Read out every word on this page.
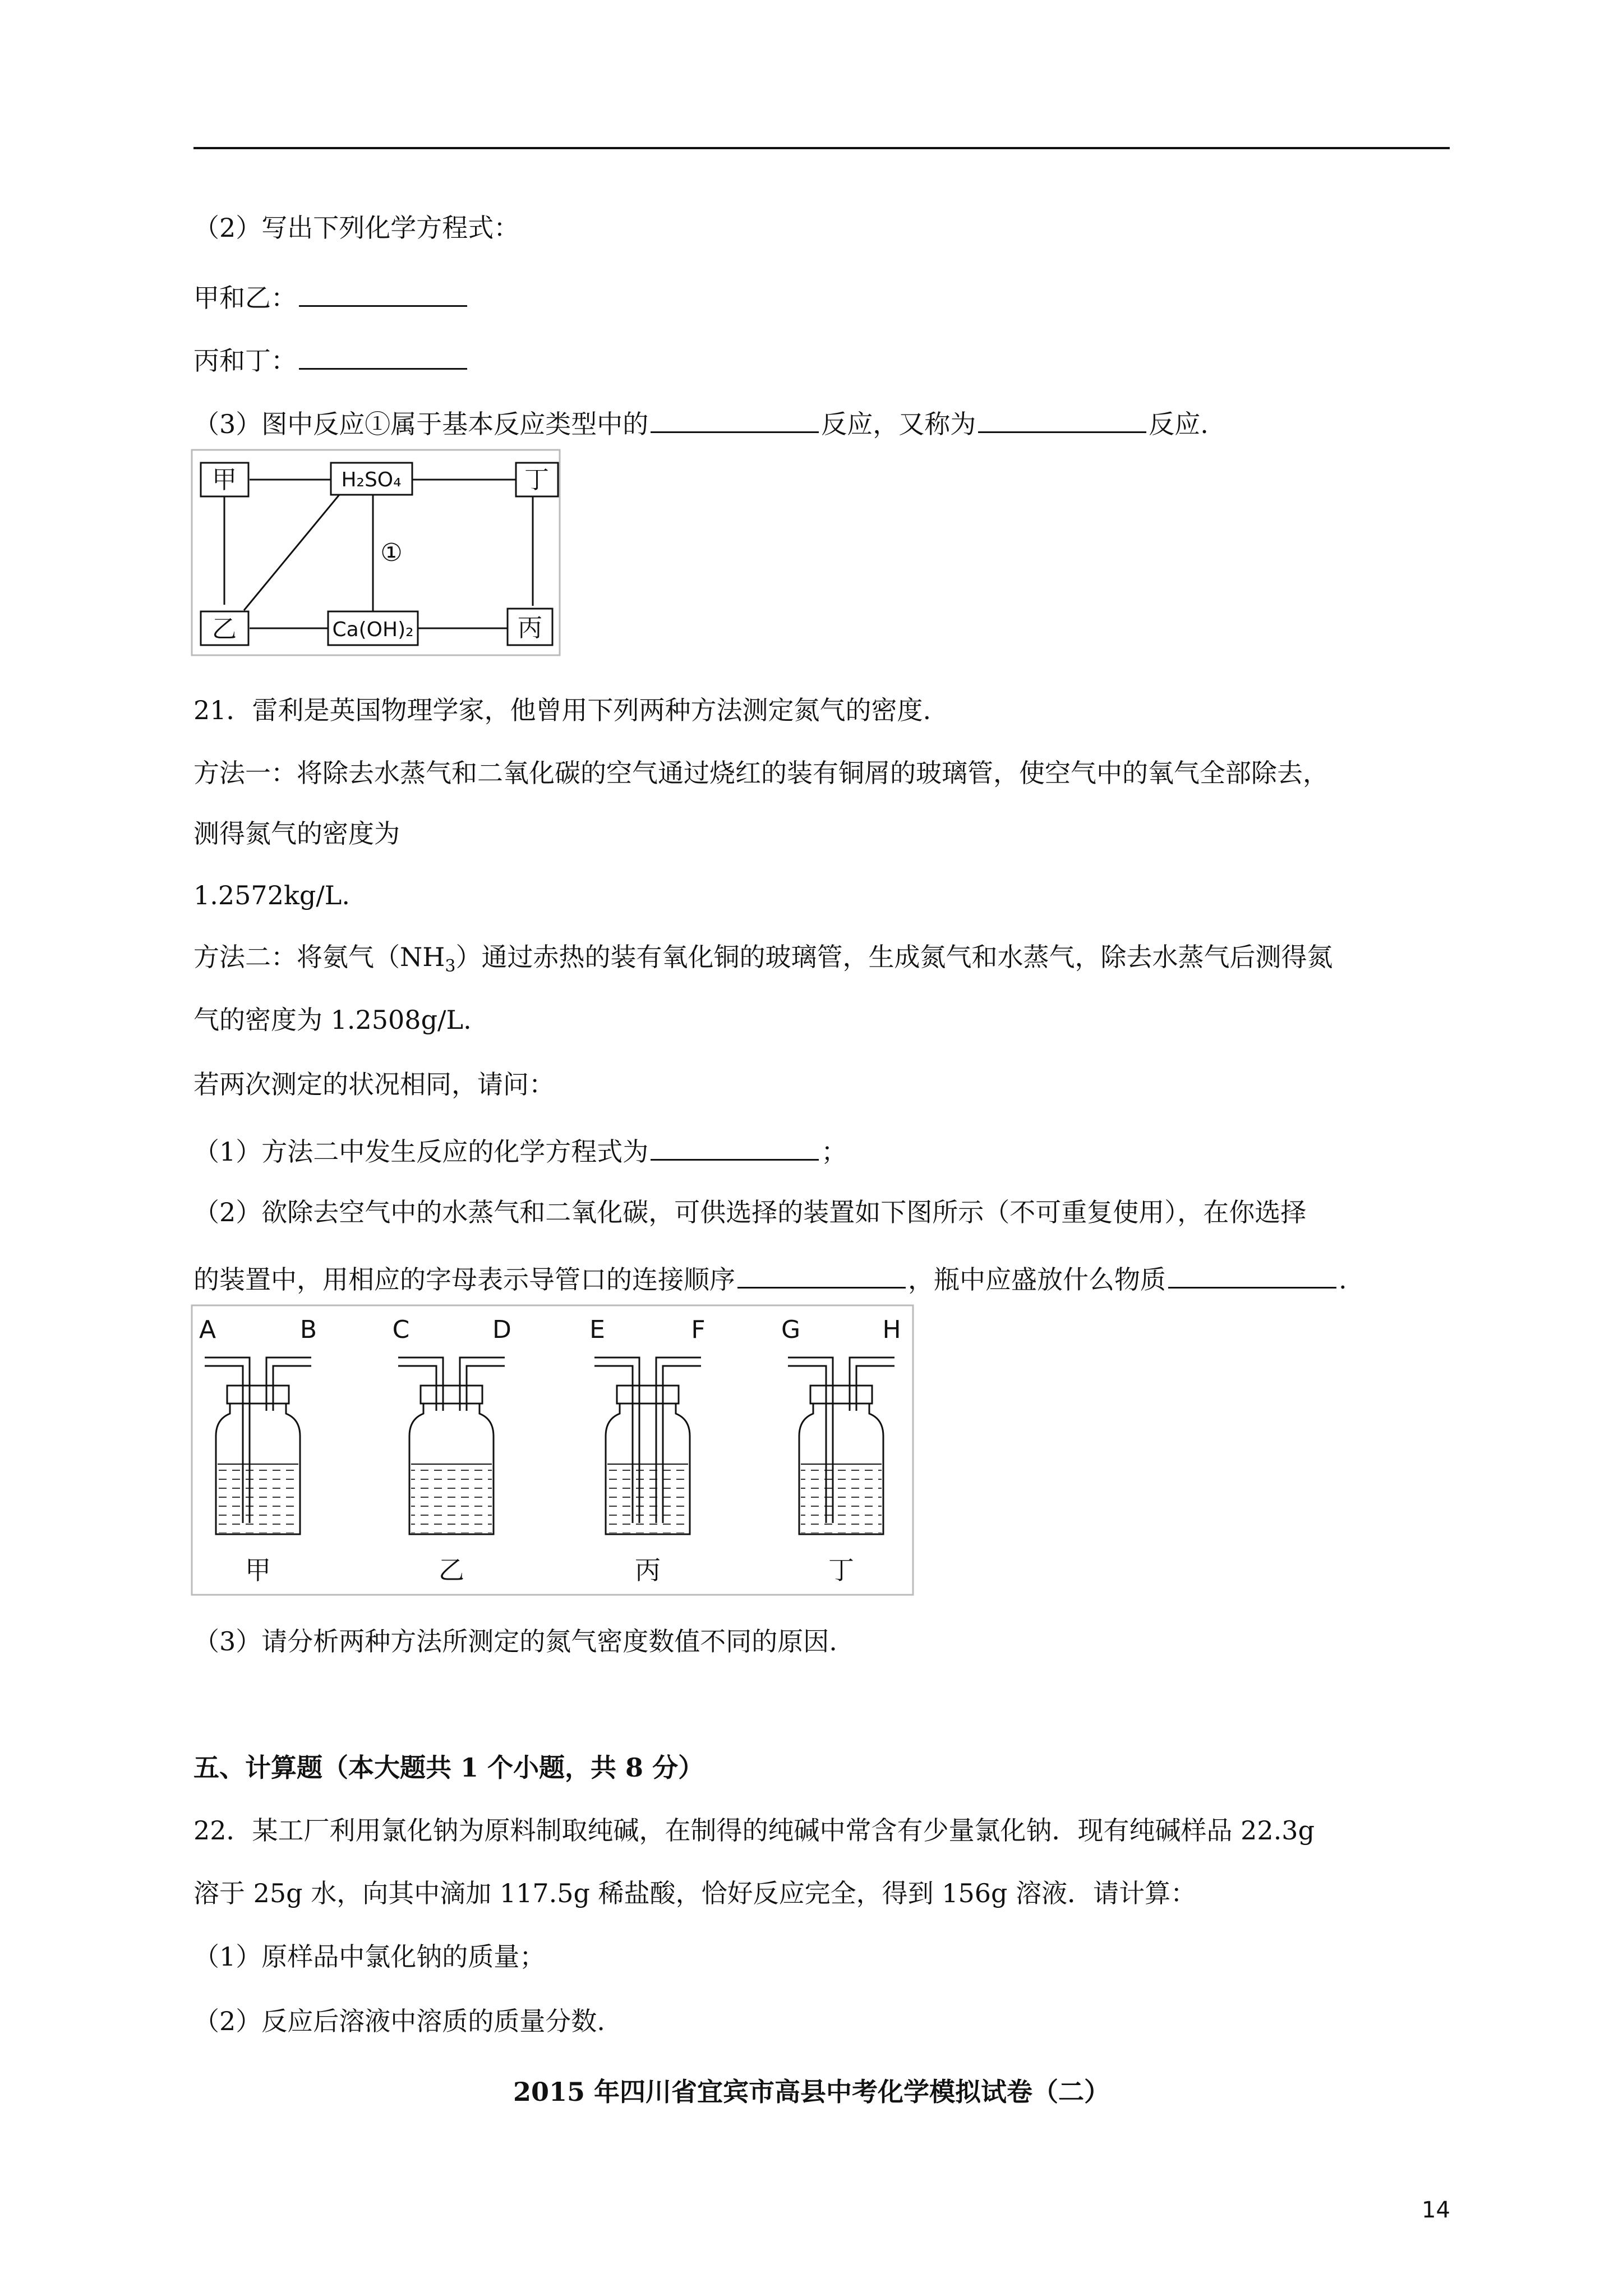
（2）写出下列化学方程式：
甲和乙：
丙和丁：
（3）图中反应①属于基本反应类型中的	反应，又称为	反应.
甲	H₂SO₄	丁
①
乙	Ca(OH)₂	丙
21．雷利是英国物理学家，他曾用下列两种方法测定氮气的密度.
方法一：将除去水蒸气和二氧化碳的空气通过烧红的装有铜屑的玻璃管，使空气中的氧气全部除去，
测得氮气的密度为
1.2572kg/L.
方法二：将氨气$(NH_3)$通过赤热的装有氧化铜的玻璃管，生成氮气和水蒸气，除去水蒸气后测得氮
气的密度为 1.2508g/L.
若两次测定的状况相同，请问：
（1）方法二中发生反应的化学方程式为	；
（2）欲除去空气中的水蒸气和二氧化碳，可供选择的装置如下图所示（不可重复使用），在你选择
的装置中，用相应的字母表示导管口的连接顺序	，瓶中应盛放什么物质	.
A	B
甲
C	D
乙
E	F
丙
G	H
丁
（3）请分析两种方法所测定的氮气密度数值不同的原因.
五、计算题（本大题共 1 个小题，共 8 分）
22．某工厂利用氯化钠为原料制取纯碱，在制得的纯碱中常含有少量氯化钠．现有纯碱样品 22.3g
溶于 25g 水，向其中滴加 117.5g 稀盐酸，恰好反应完全，得到 156g 溶液．请计算：
（1）原样品中氯化钠的质量；
（2）反应后溶液中溶质的质量分数.
2015 年四川省宜宾市高县中考化学模拟试卷（二）
14
